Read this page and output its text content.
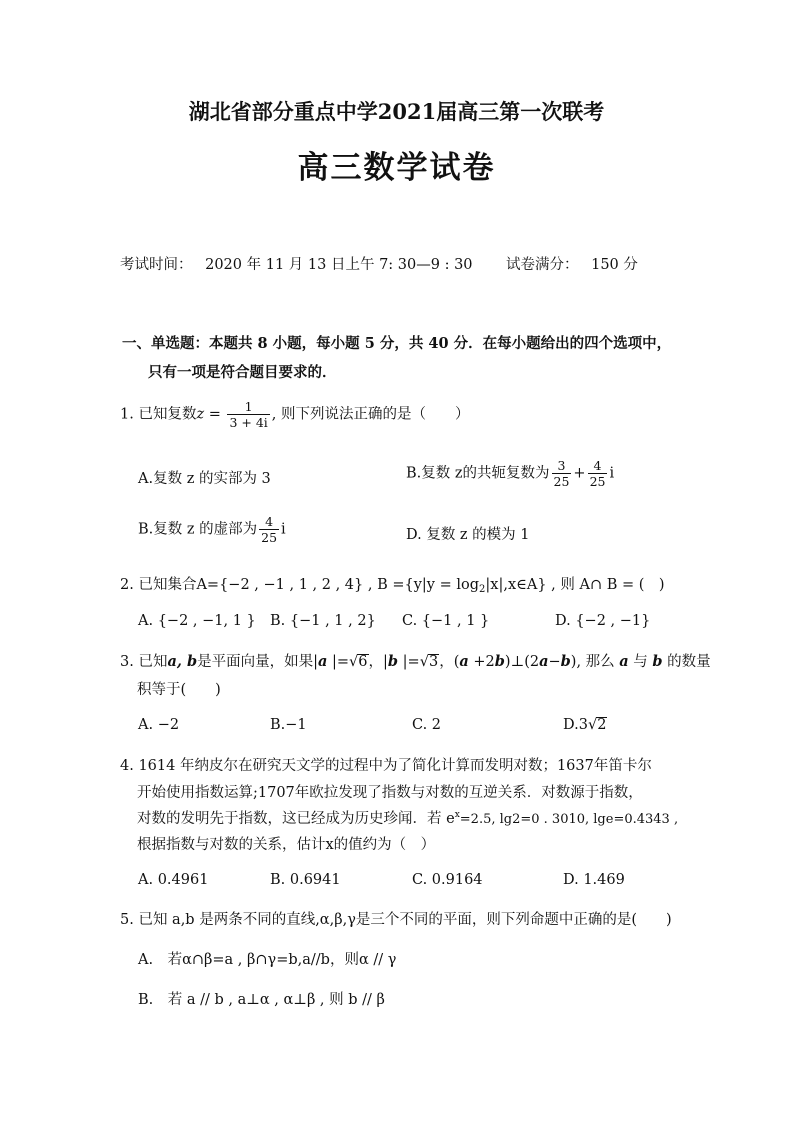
湖北省部分重点中学2021届高三第一次联考
高三数学试卷
考试时间： 2020 年 11 月 13 日上午 7: 30—9 : 30 试卷满分： 150 分
一、单选题：本题共 8 小题，每小题 5 分，共 40 分．在每小题给出的四个选项中，
只有一项是符合题目要求的．
1. 已知复数$z = \frac{1}{3 + 4i}$ , 则下列说法正确的是（　　）
A.复数 z 的实部为 3	B.复数 z的共轭复数为 $\frac{3}{25} + \frac{4}{25}$ i
B.复数 z 的虚部为 $\frac{4}{25}$ i	D. 复数 z 的模为 1
2. 已知集合A={−2 , −1 , 1 , 2 , 4} , $B =\{y|y = \log_2|x|,x\in A\}$ , 则 A∩ B = (　)
A. {−2 , −1, 1 } B. {−1 , 1 , 2} C. {−1 , 1 }	D. {−2 , −1}
3. 已知a, b是平面向量，如果|a |=√6，|b |=√3，(a +2b)⊥(2a−b), 那么 a 与 b 的数量
积等于(　　)
A. −2	B.−1	C. 2	D.3√2
4. 1614 年纳皮尔在研究天文学的过程中为了简化计算而发明对数；1637年笛卡尔
开始使用指数运算;1707年欧拉发现了指数与对数的互逆关系．对数源于指数，
对数的发明先于指数，这已经成为历史珍闻．若 $e^x=2.5$, lg2=0 . 3010, lge=0.4343 ,
根据指数与对数的关系，估计x的值约为（　）
A. 0.4961	B. 0.6941	C. 0.9164	D. 1.469
5. 已知 a,b 是两条不同的直线,α,β,γ是三个不同的平面，则下列命题中正确的是(　　)
A.　若α∩β=a , β∩γ=b,a//b，则α // γ
B.　若 a // b , a⊥α , α⊥β , 则 b // β
